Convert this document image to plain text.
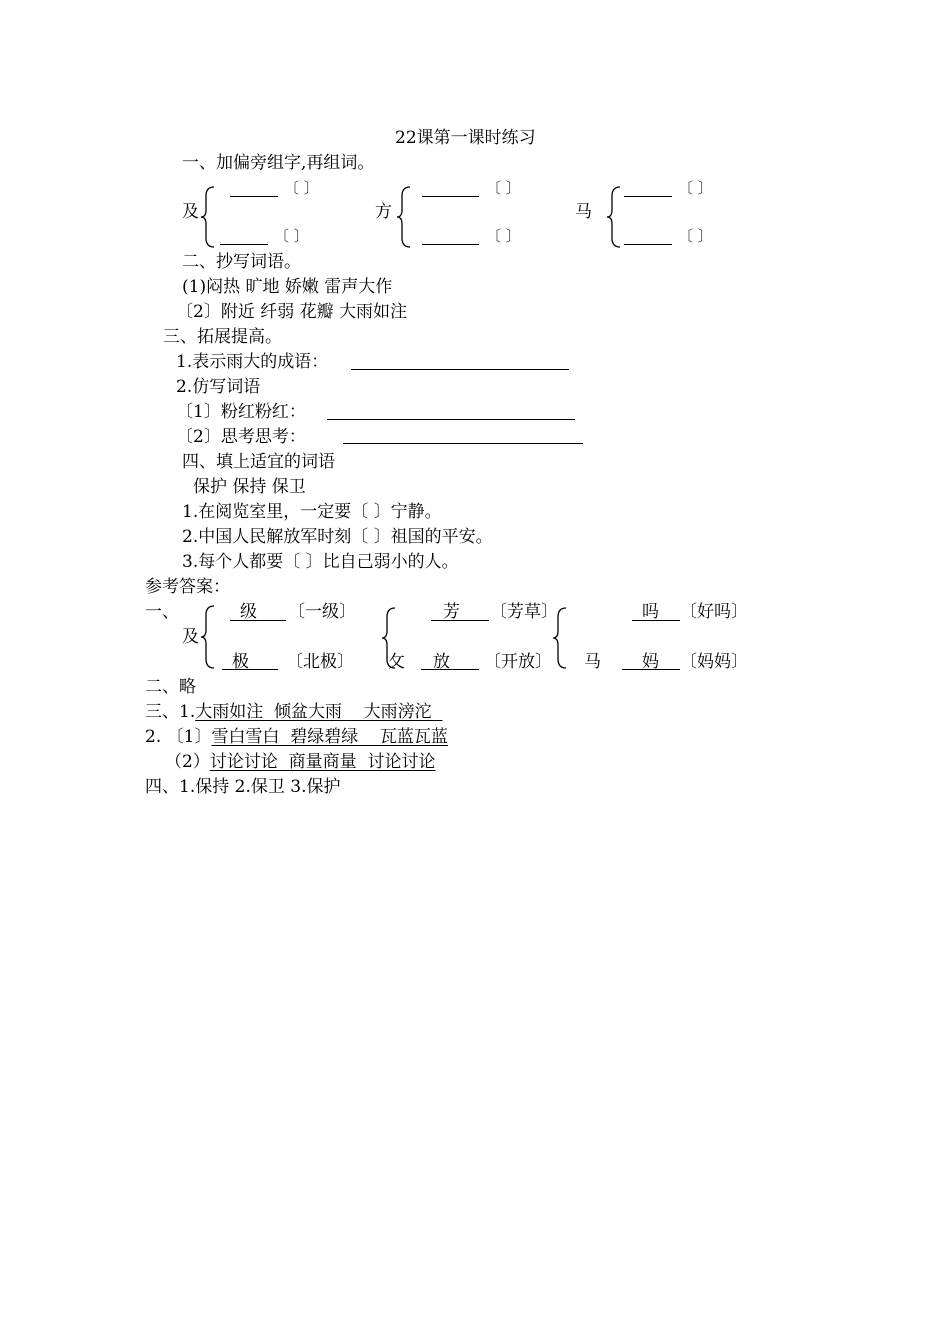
22课第一课时练习
一、加偏旁组字,再组词。
及
〔 〕
〔 〕
方
〔 〕
〔 〕
马
〔 〕
〔 〕
二、抄写词语。
(1)闷热 旷地 娇嫩 雷声大作
〔2〕附近 纤弱 花瓣 大雨如注
三、拓展提高。
1.表示雨大的成语：
2.仿写词语
〔1〕粉红粉红：
〔2〕思考思考：
四、填上适宜的词语
保护 保持 保卫
1.在阅览室里，一定要〔 〕宁静。
2.中国人民解放军时刻〔 〕祖国的平安。
3.每个人都要〔 〕比自己弱小的人。
参考答案：
一、
及
级	〔一级〕
极 〔北极〕
芳 〔芳草〕
攵 放 〔开放〕 马
吗 〔好吗〕
妈 〔妈妈〕
二、略
三、1.大雨如注  倾盆大雨    大雨滂沱
2. 〔1〕雪白雪白  碧绿碧绿    瓦蓝瓦蓝
（2）讨论讨论  商量商量  讨论讨论
四、1.保持 2.保卫 3.保护
